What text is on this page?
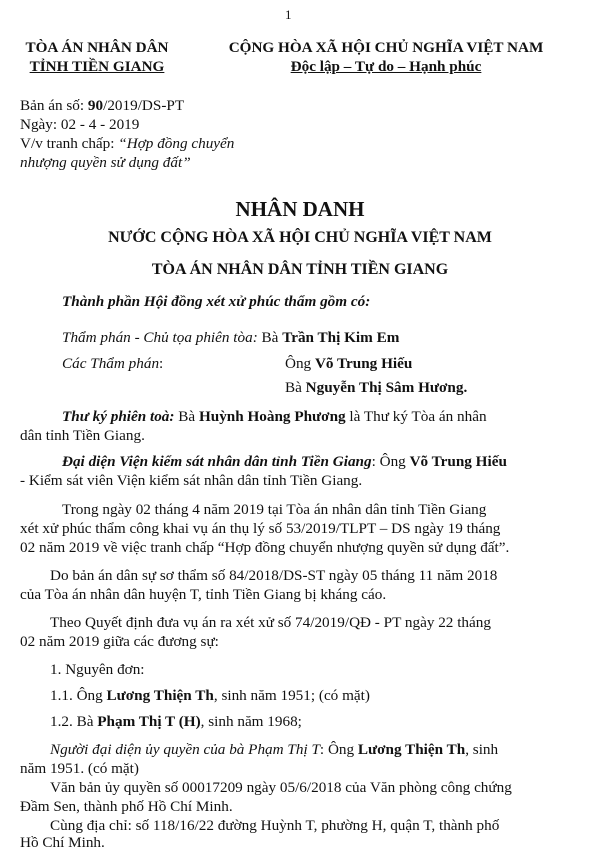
1
TÒA ÁN NHÂN DÂN
TỈNH TIỀN GIANG
CỘNG HÒA XÃ HỘI CHỦ NGHĨA VIỆT NAM
Độc lập – Tự do – Hạnh phúc
Bản án số: 90/2019/DS-PT
Ngày: 02 - 4 - 2019
V/v tranh chấp: “Hợp đồng chuyển
nhượng quyền sử dụng đất”
NHÂN DANH
NƯỚC CỘNG HÒA XÃ HỘI CHỦ NGHĨA VIỆT NAM
TÒA ÁN NHÂN DÂN TỈNH TIỀN GIANG
Thành phần Hội đồng xét xử phúc thẩm gồm có:
Thẩm phán - Chủ tọa phiên tòa: Bà Trần Thị Kim Em
Các Thẩm phán:	Ông Võ Trung Hiếu
Bà Nguyễn Thị Sâm Hương.
Thư ký phiên toà: Bà Huỳnh Hoàng Phương là Thư ký Tòa án nhân
dân tỉnh Tiền Giang.
Đại diện Viện kiểm sát nhân dân tỉnh Tiền Giang: Ông Võ Trung Hiếu
- Kiểm sát viên Viện kiểm sát nhân dân tỉnh Tiền Giang.
Trong ngày 02 tháng 4 năm 2019 tại Tòa án nhân dân tỉnh Tiền Giang
xét xử phúc thẩm công khai vụ án thụ lý số 53/2019/TLPT – DS ngày 19 tháng
02 năm 2019 về việc tranh chấp “Hợp đồng chuyển nhượng quyền sử dụng đất”.
Do bản án dân sự sơ thẩm số 84/2018/DS-ST ngày 05 tháng 11 năm 2018
của Tòa án nhân dân huyện T, tỉnh Tiền Giang bị kháng cáo.
Theo Quyết định đưa vụ án ra xét xử số 74/2019/QĐ - PT ngày 22 tháng
02 năm 2019 giữa các đương sự:
1. Nguyên đơn:
1.1. Ông Lương Thiện Th, sinh năm 1951; (có mặt)
1.2. Bà Phạm Thị T (H), sinh năm 1968;
Người đại diện ủy quyền của bà Phạm Thị T: Ông Lương Thiện Th, sinh
năm 1951. (có mặt)
Văn bản ủy quyền số 00017209 ngày 05/6/2018 của Văn phòng công chứng
Đầm Sen, thành phố Hồ Chí Minh.
Cùng địa chỉ: số 118/16/22 đường Huỳnh T, phường H, quận T, thành phố
Hồ Chí Minh.
